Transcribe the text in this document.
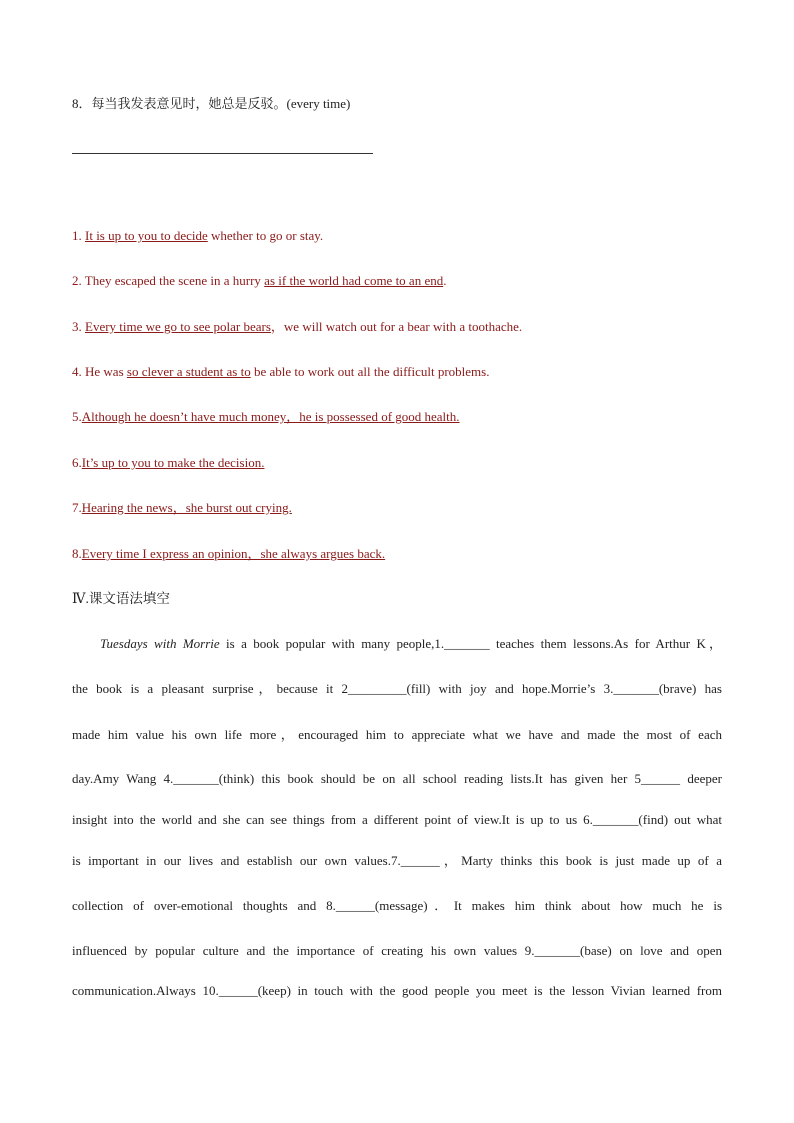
8．每当我发表意见时，她总是反驳。(every time)
1. It is up to you to decide whether to go or stay.
2. They escaped the scene in a hurry as if the world had come to an end.
3. Every time we go to see polar bears，we will watch out for a bear with a toothache.
4. He was so clever a student as to be able to work out all the difficult problems.
5.Although he doesn’t have much money，he is possessed of good health.
6.It’s up to you to make the decision.
7.Hearing the news，she burst out crying.
8.Every time I express an opinion，she always argues back.
Ⅳ.课文语法填空
Tuesdays with Morrie is a book popular with many people,1._______ teaches them lessons.As for Arthur K，
the book is a pleasant surprise，because it 2_________(fill) with joy and hope.Morrie’s 3._______(brave) has
made him value his own life more，encouraged him to appreciate what we have and made the most of each
day.Amy Wang 4._______(think) this book should be on all school reading lists.It has given her 5______ deeper
insight into the world and she can see things from a different point of view.It is up to us 6._______(find) out what
is important in our lives and establish our own values.7.______，Marty thinks this book is just made up of a
collection of over-emotional thoughts and 8.______(message)．It makes him think about how much he is
influenced by popular culture and the importance of creating his own values 9._______(base) on love and open
communication.Always 10.______(keep) in touch with the good people you meet is the lesson Vivian learned from
